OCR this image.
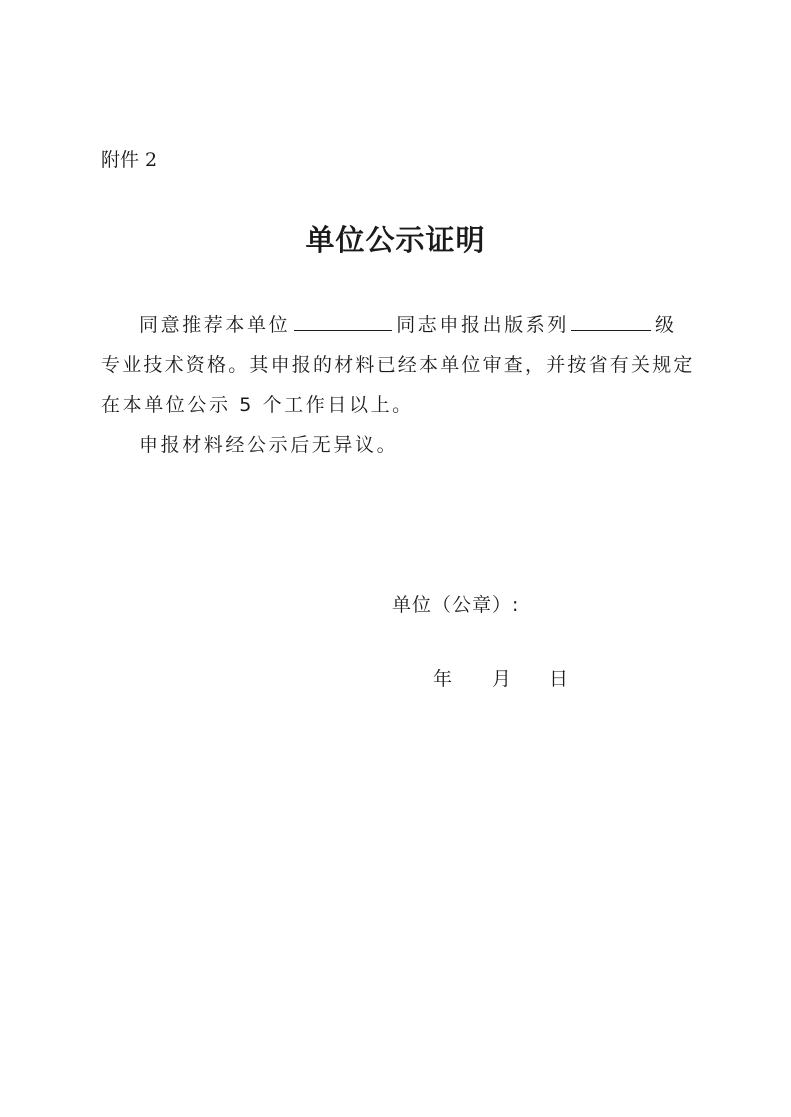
附件 2
单位公示证明
同意推荐本单位	同志申报出版系列	级
专业技术资格。其申报的材料已经本单位审查，并按省有关规定
在本单位公示 5 个工作日以上。
申报材料经公示后无异议。
单位（公章）:
年 月 日
